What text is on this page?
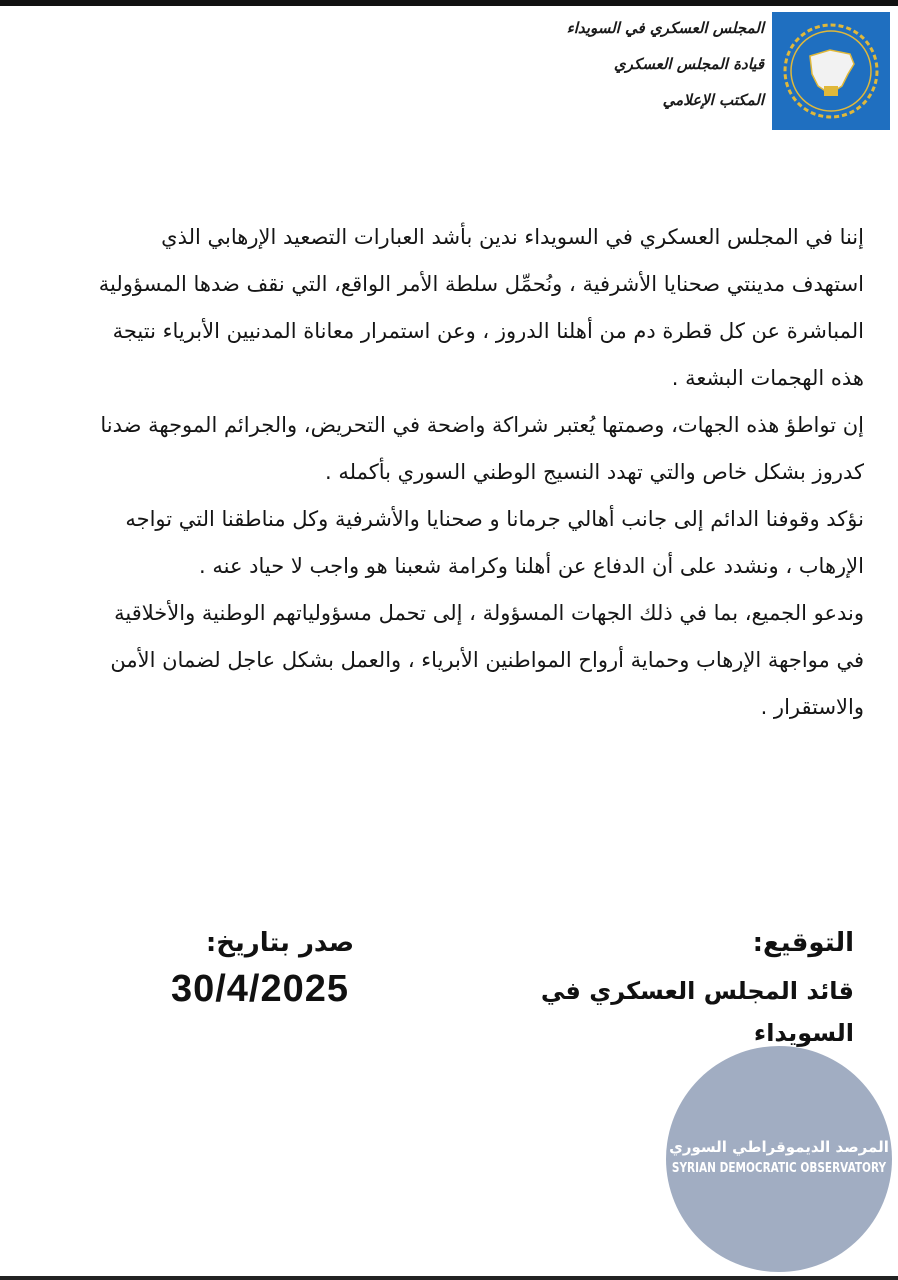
المجلس العسكري في السويداء
قيادة المجلس العسكري
المكتب الإعلامي

إننا في المجلس العسكري في السويداء ندين بأشد العبارات التصعيد الإرهابي الذي استهدف مدينتي صحنايا الأشرفية ، ونُحمِّل سلطة الأمر الواقع، التي نقف ضدها المسؤولية المباشرة عن كل قطرة دم من أهلنا الدروز ، وعن استمرار معاناة المدنيين الأبرياء نتيجة هذه الهجمات البشعة .

إن تواطؤ هذه الجهات، وصمتها يُعتبر شراكة واضحة في التحريض، والجرائم الموجهة ضدنا كدروز بشكل خاص والتي تهدد النسيج الوطني السوري بأكمله .

نؤكد وقوفنا الدائم إلى جانب أهالي جرمانا و صحنايا والأشرفية وكل مناطقنا التي تواجه الإرهاب ، ونشدد على أن الدفاع عن أهلنا وكرامة شعبنا هو واجب لا حياد عنه .

وندعو الجميع، بما في ذلك الجهات المسؤولة ، إلى تحمل مسؤولياتهم الوطنية والأخلاقية في مواجهة الإرهاب وحماية أرواح المواطنين الأبرياء ، والعمل بشكل عاجل لضمان الأمن والاستقرار .

التوقيع:
قائد المجلس العسكري في السويداء
صدر بتاريخ:
30/4/2025
المرصد الديموقراطي السوري
SYRIAN DEMOCRATIC OBSERVATORY
